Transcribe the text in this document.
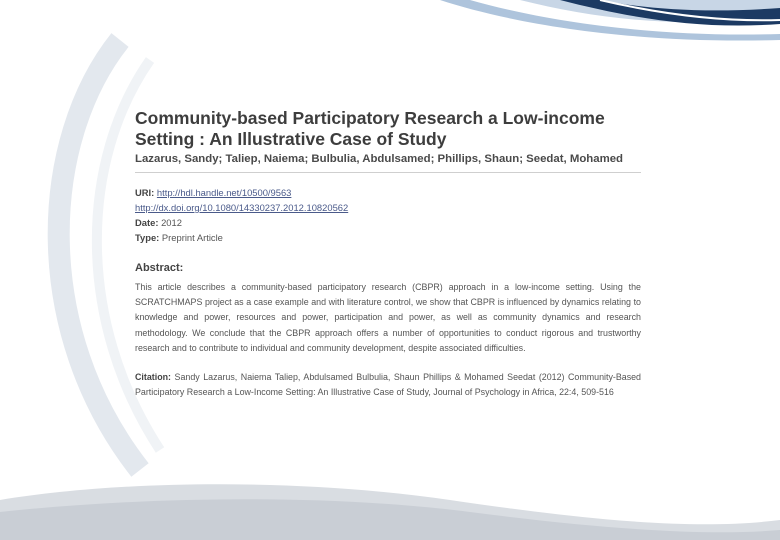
Community-based Participatory Research a Low-income Setting : An Illustrative Case of Study
Lazarus, Sandy; Taliep, Naiema; Bulbulia, Abdulsamed; Phillips, Shaun; Seedat, Mohamed
URI: http://hdl.handle.net/10500/9563
http://dx.doi.org/10.1080/14330237.2012.10820562
Date: 2012
Type: Preprint Article
Abstract:
This article describes a community-based participatory research (CBPR) approach in a low-income setting. Using the SCRATCHMAPS project as a case example and with literature control, we show that CBPR is influenced by dynamics relating to knowledge and power, resources and power, participation and power, as well as community dynamics and research methodology. We conclude that the CBPR approach offers a number of opportunities to conduct rigorous and trustworthy research and to contribute to individual and community development, despite associated difficulties.
Citation: Sandy Lazarus, Naiema Taliep, Abdulsamed Bulbulia, Shaun Phillips & Mohamed Seedat (2012) Community-Based Participatory Research a Low-Income Setting: An Illustrative Case of Study, Journal of Psychology in Africa, 22:4, 509-516
